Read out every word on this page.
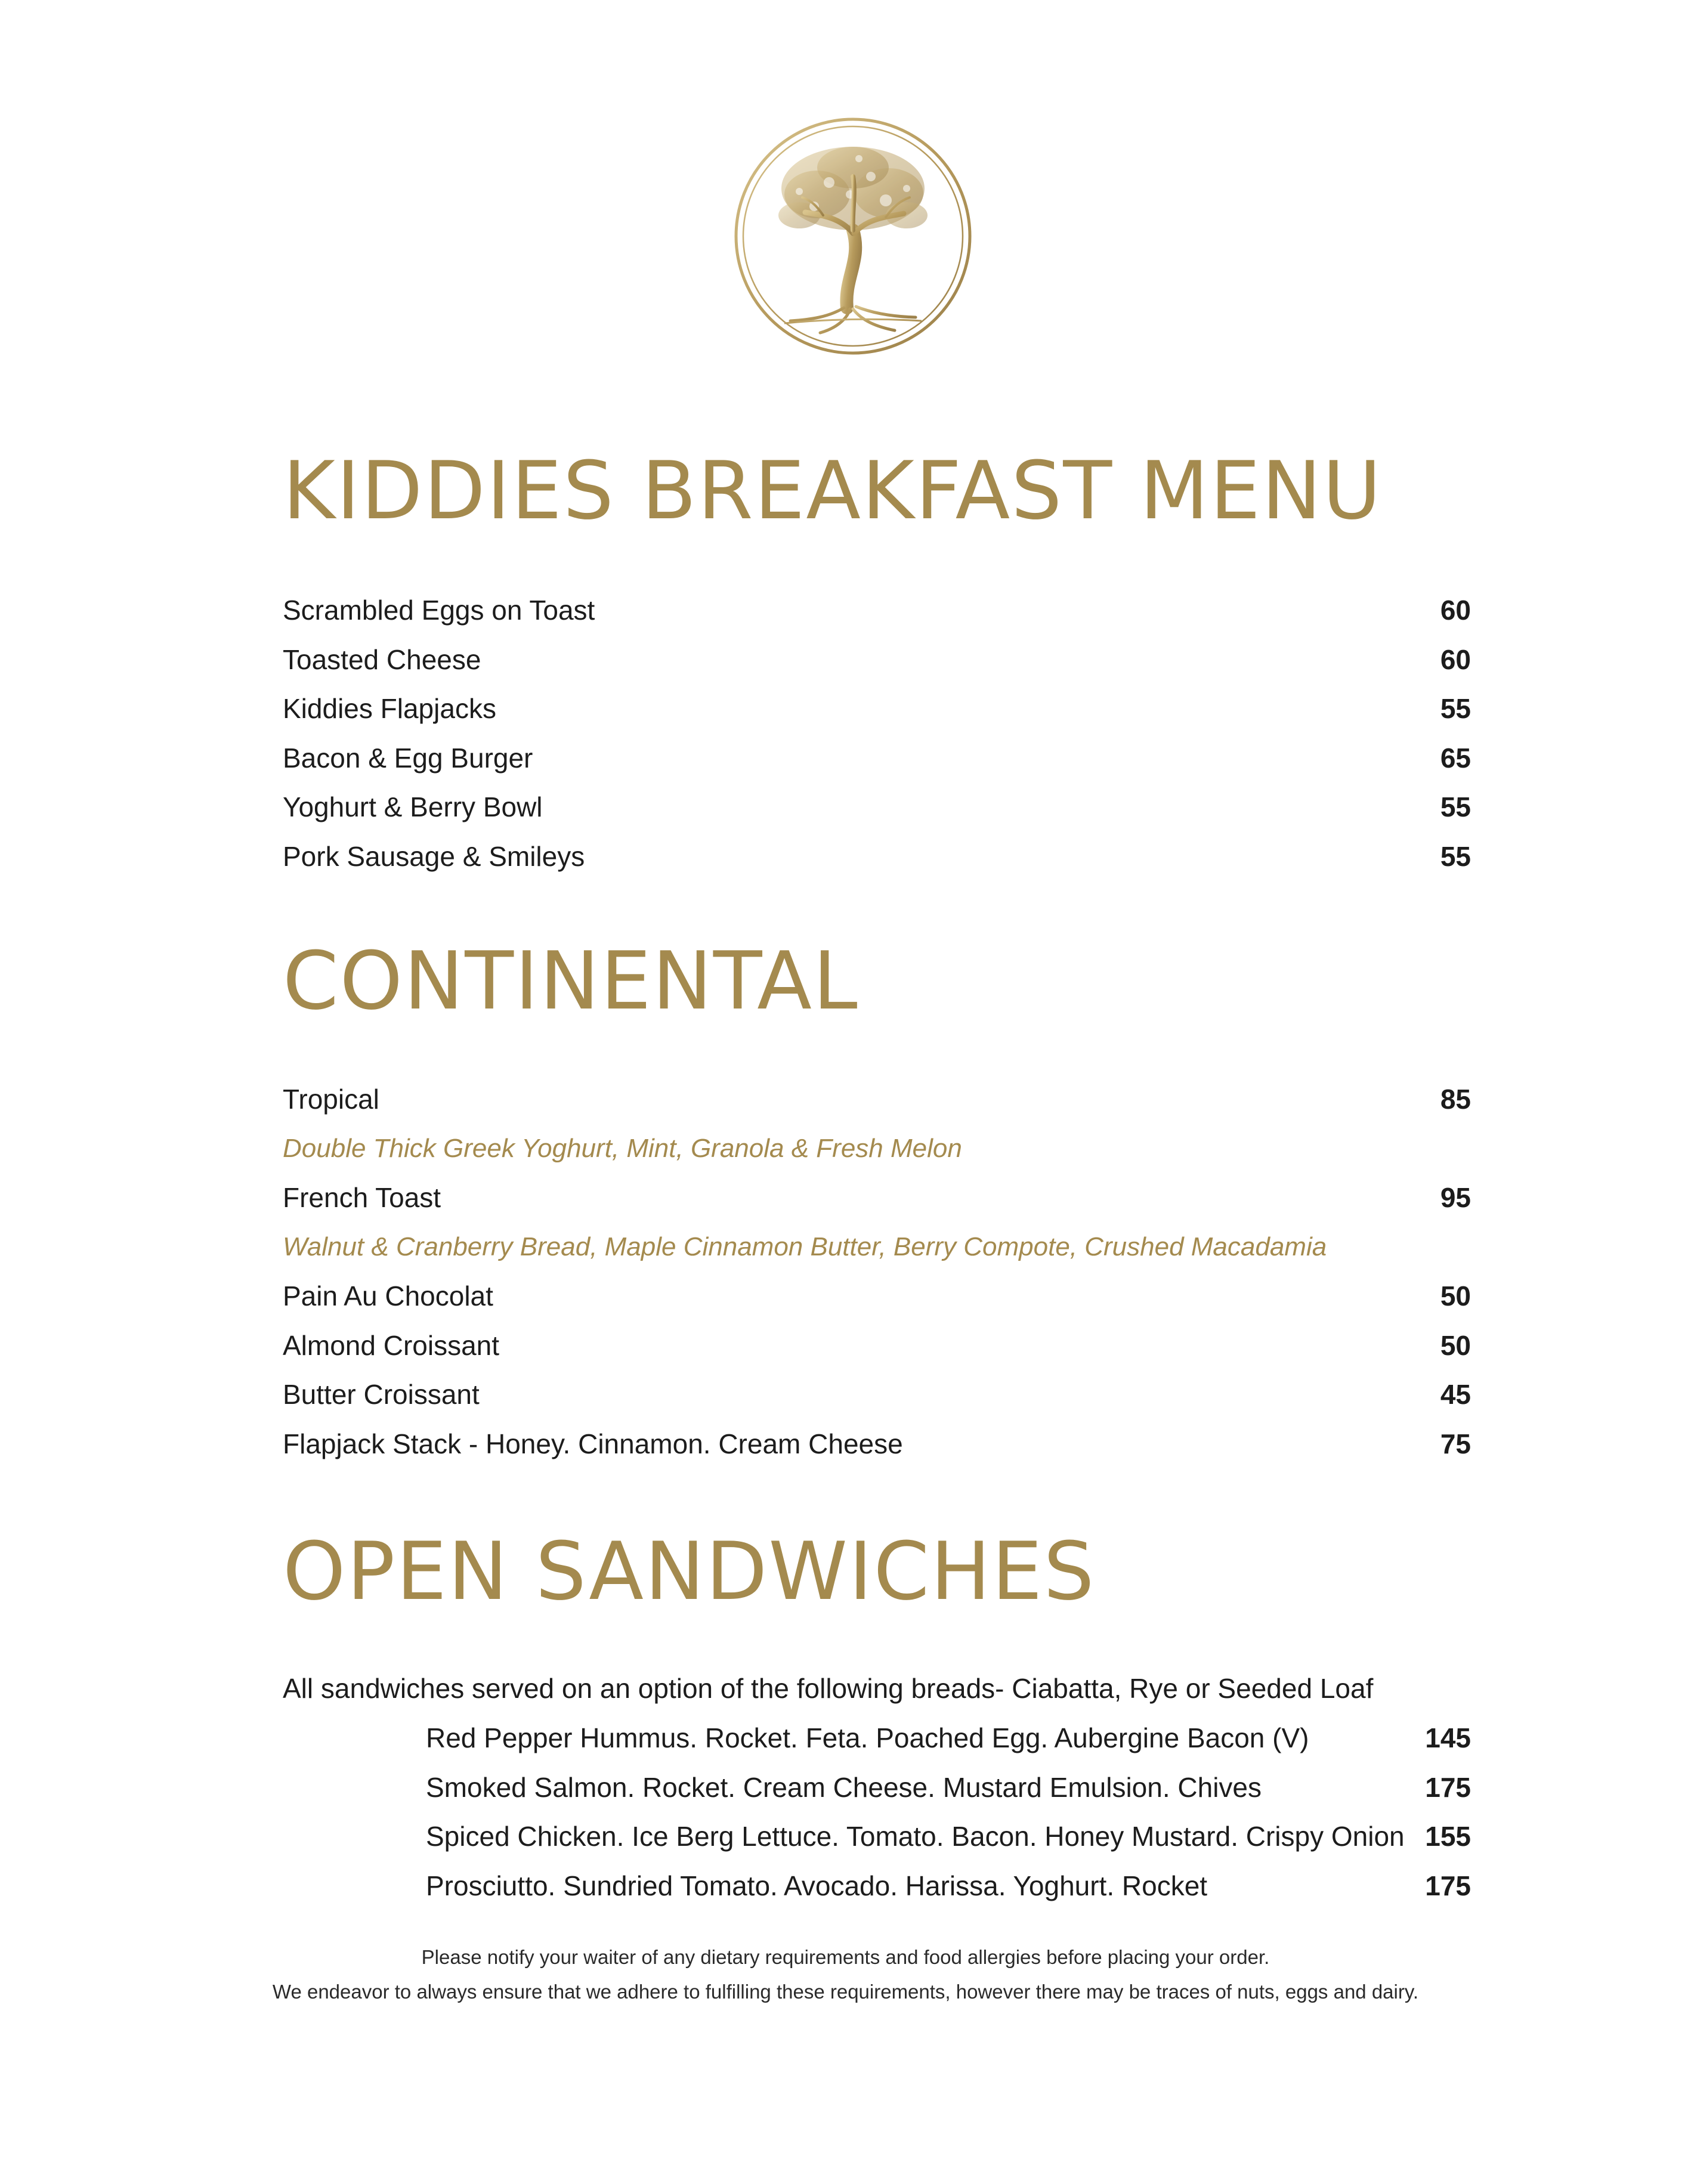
KIDDIES BREAKFAST MENU
Scrambled Eggs on Toast	60
Toasted Cheese	60
Kiddies Flapjacks	55
Bacon & Egg Burger	65
Yoghurt & Berry Bowl	55
Pork Sausage & Smileys	55
CONTINENTAL
Tropical	85
Double Thick Greek Yoghurt, Mint, Granola & Fresh Melon
French Toast	95
Walnut & Cranberry Bread, Maple Cinnamon Butter, Berry Compote, Crushed Macadamia
Pain Au Chocolat	50
Almond Croissant	50
Butter Croissant	45
Flapjack Stack - Honey. Cinnamon. Cream Cheese	75
OPEN SANDWICHES
All sandwiches served on an option of the following breads- Ciabatta, Rye or Seeded Loaf
Red Pepper Hummus. Rocket. Feta. Poached Egg. Aubergine Bacon (V)	145
Smoked Salmon. Rocket. Cream Cheese. Mustard Emulsion. Chives	175
Spiced Chicken. Ice Berg Lettuce. Tomato. Bacon. Honey Mustard. Crispy Onion 155
Prosciutto. Sundried Tomato. Avocado. Harissa. Yoghurt. Rocket	175
Please notify your waiter of any dietary requirements and food allergies before placing your order.
We endeavor to always ensure that we adhere to fulfilling these requirements, however there may be traces of nuts, eggs and dairy.
